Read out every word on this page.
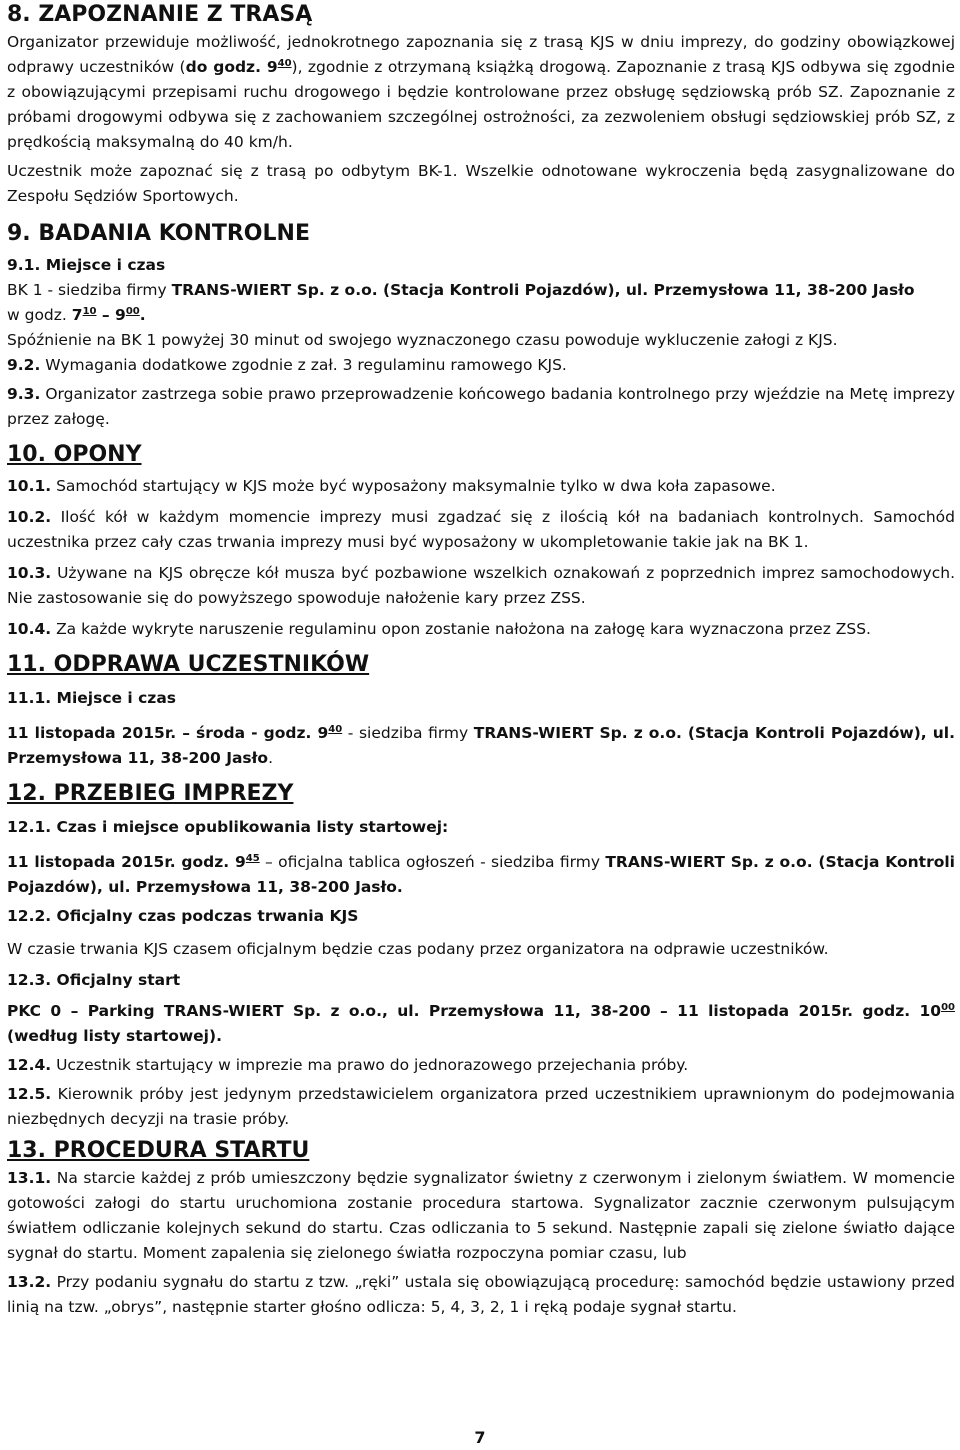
8. ZAPOZNANIE Z TRASĄ

Organizator przewiduje możliwość, jednokrotnego zapoznania się z trasą KJS w dniu imprezy, do godziny obowiązkowej odprawy uczestników (do godz. $9^{40}$), zgodnie z otrzymaną książką drogową. Zapoznanie z trasą KJS odbywa się zgodnie z obowiązującymi przepisami ruchu drogowego i będzie kontrolowane przez obsługę sędziowską prób SZ. Zapoznanie z próbami drogowymi odbywa się z zachowaniem szczególnej ostrożności, za zezwoleniem obsługi sędziowskiej prób SZ, z prędkością maksymalną do 40 km/h.

Uczestnik może zapoznać się z trasą po odbytym BK-1. Wszelkie odnotowane wykroczenia będą zasygnalizowane do Zespołu Sędziów Sportowych.

9. BADANIA KONTROLNE

9.1. Miejsce i czas

BK 1 - siedziba firmy TRANS-WIERT Sp. z o.o. (Stacja Kontroli Pojazdów), ul. Przemysłowa 11, 38-200 Jasło
w godz. $7^{10} - 9^{00}$.

Spóźnienie na BK 1 powyżej 30 minut od swojego wyznaczonego czasu powoduje wykluczenie załogi z KJS.

9.2. Wymagania dodatkowe zgodnie z zał. 3 regulaminu ramowego KJS.

9.3. Organizator zastrzega sobie prawo przeprowadzenie końcowego badania kontrolnego przy wjeździe na Metę imprezy przez załogę.

10. OPONY

10.1. Samochód startujący w KJS może być wyposażony maksymalnie tylko w dwa koła zapasowe.

10.2. Ilość kół w każdym momencie imprezy musi zgadzać się z ilością kół na badaniach kontrolnych. Samochód uczestnika przez cały czas trwania imprezy musi być wyposażony w ukompletowanie takie jak na BK 1.

10.3. Używane na KJS obręcze kół musza być pozbawione wszelkich oznakowań z poprzednich imprez samochodowych. Nie zastosowanie się do powyższego spowoduje nałożenie kary przez ZSS.

10.4. Za każde wykryte naruszenie regulaminu opon zostanie nałożona na załogę kara wyznaczona przez ZSS.

11. ODPRAWA UCZESTNIKÓW

11.1. Miejsce i czas

11 listopada 2015r. – środa - godz. $9^{40}$ - siedziba firmy TRANS-WIERT Sp. z o.o. (Stacja Kontroli Pojazdów), ul. Przemysłowa 11, 38-200 Jasło.

12. PRZEBIEG IMPREZY

12.1. Czas i miejsce opublikowania listy startowej:

11 listopada 2015r. godz. $9^{45}$ – oficjalna tablica ogłoszeń - siedziba firmy TRANS-WIERT Sp. z o.o. (Stacja Kontroli Pojazdów), ul. Przemysłowa 11, 38-200 Jasło.

12.2. Oficjalny czas podczas trwania KJS

W czasie trwania KJS czasem oficjalnym będzie czas podany przez organizatora na odprawie uczestników.

12.3. Oficjalny start

PKC 0 – Parking TRANS-WIERT Sp. z o.o., ul. Przemysłowa 11, 38-200 – 11 listopada 2015r. godz. $10^{00}$ (według listy startowej).

12.4. Uczestnik startujący w imprezie ma prawo do jednorazowego przejechania próby.

12.5. Kierownik próby jest jedynym przedstawicielem organizatora przed uczestnikiem uprawnionym do podejmowania niezbędnych decyzji na trasie próby.

13. PROCEDURA STARTU

13.1. Na starcie każdej z prób umieszczony będzie sygnalizator świetny z czerwonym i zielonym światłem. W momencie gotowości załogi do startu uruchomiona zostanie procedura startowa. Sygnalizator zacznie czerwonym pulsującym światłem odliczanie kolejnych sekund do startu. Czas odliczania to 5 sekund. Następnie zapali się zielone światło dające sygnał do startu. Moment zapalenia się zielonego światła rozpoczyna pomiar czasu, lub

13.2. Przy podaniu sygnału do startu z tzw. „ręki” ustala się obowiązującą procedurę: samochód będzie ustawiony przed linią na tzw. „obrys”, następnie starter głośno odlicza: 5, 4, 3, 2, 1 i ręką podaje sygnał startu.

7
